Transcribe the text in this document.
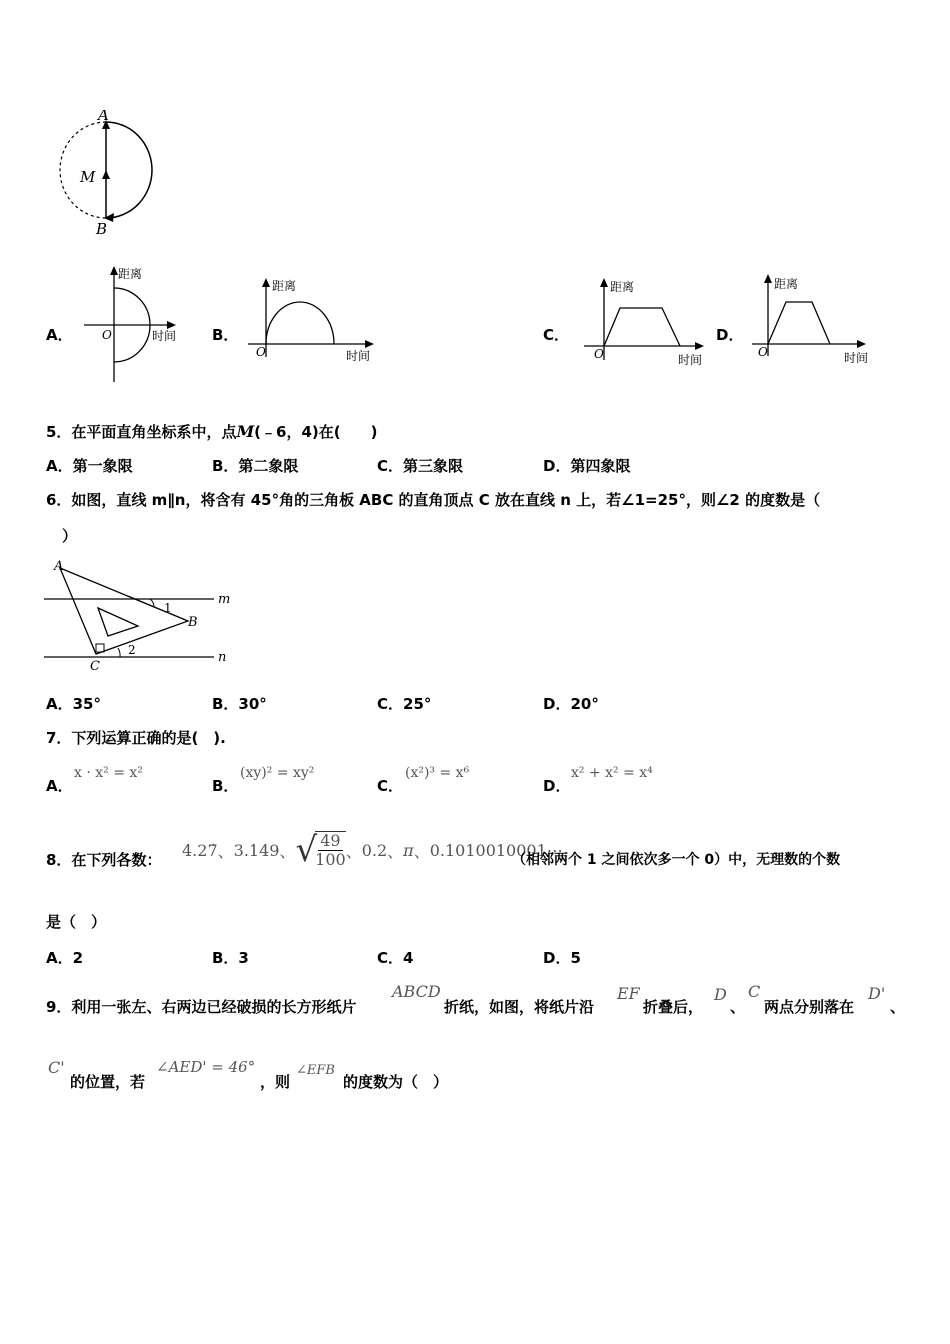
A
M
B
A．
距离
时间
O	B．
距离
时间
O
C．
距离
时间
O
D．
距离
时间
O
5．在平面直角坐标系中，点M(﹣6，4)在(　　)
A．第一象限	B．第二象限	C．第三象限	D．第四象限
6．如图，直线 m∥n，将含有 45°角的三角板 ABC 的直角顶点 C 放在直线 n 上，若∠1=25°，则∠2 的度数是（
）
A
B
C
m
n
1
2
A．35°	B．30°	C．25°	D．20°
7．下列运算正确的是(　).
A．
x · x² = x²
B．
(xy)² = xy²
C．
(x²)³ = x⁶
D．
x² + x² = x⁴
8．在下列各数：
4.27̇ 、 3.149 、 √
$\frac{49}{100}$ 、 0.2 、 π 、 0.1010010001⋯
（相邻两个 1 之间依次多一个 0）中，无理数的个数
是（　）
A．2	B．3	C．4	D．5
9．利用一张左、右两边已经破损的长方形纸片
ABCD
折纸，如图，将纸片沿
EF
折叠后，
D
、
C
两点分别落在
D'
、
C'
的位置，若
∠AED' = 46°
，则
∠EFB
的度数为（　）
